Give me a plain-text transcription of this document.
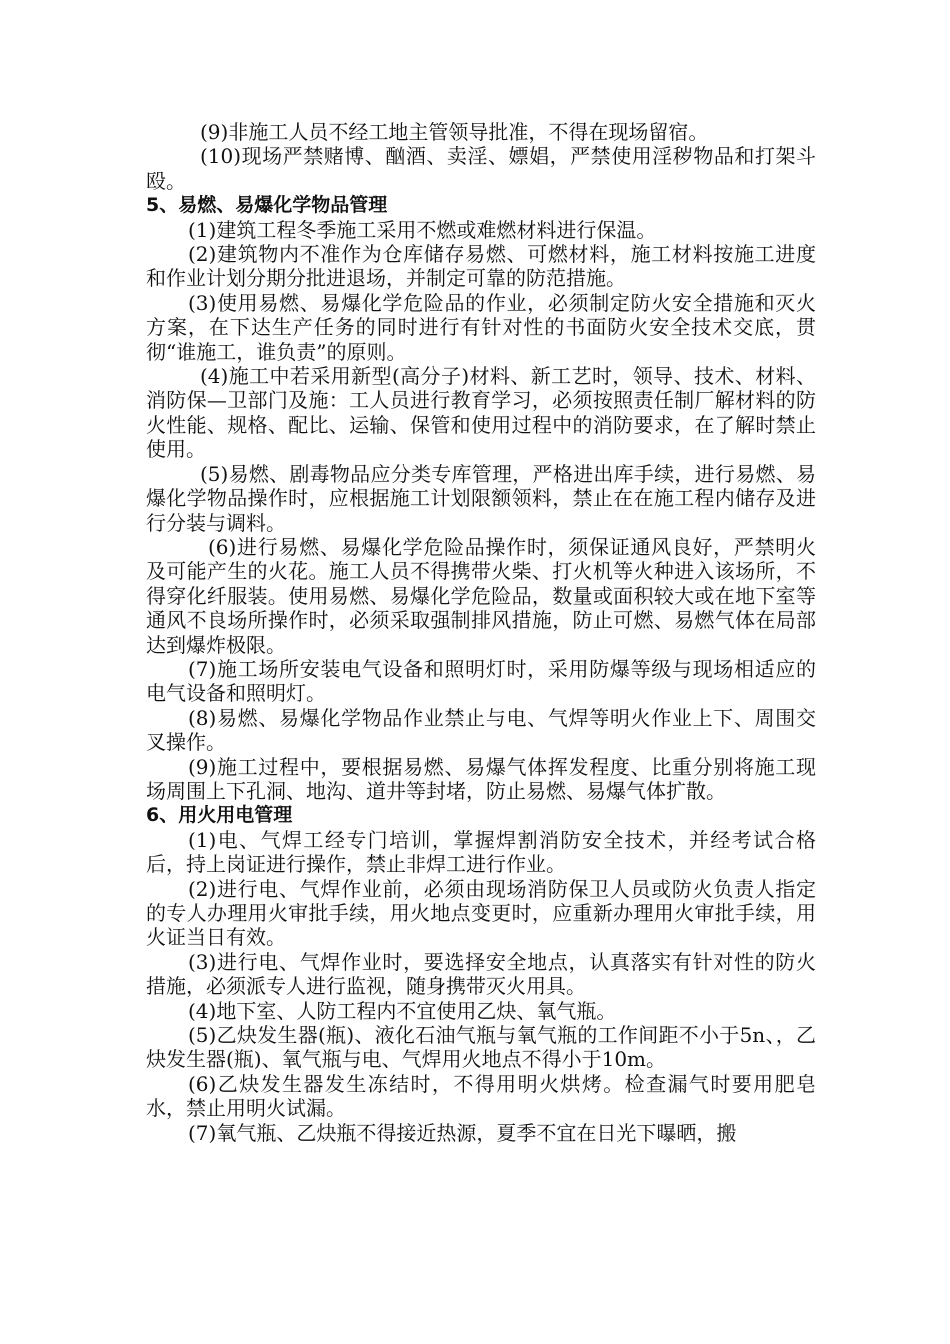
(9)非施工人员不经工地主管领导批准，不得在现场留宿。

(10)现场严禁赌博、酗酒、卖淫、嫖娼，严禁使用淫秽物品和打架斗殴。

5、易燃、易爆化学物品管理

(1)建筑工程冬季施工采用不燃或难燃材料进行保温。

(2)建筑物内不准作为仓库储存易燃、可燃材料，施工材料按施工进度和作业计划分期分批进退场，并制定可靠的防范措施。

(3)使用易燃、易爆化学危险品的作业，必须制定防火安全措施和灭火方案，在下达生产任务的同时进行有针对性的书面防火安全技术交底，贯彻“谁施工，谁负责”的原则。

(4)施工中若采用新型(高分子)材料、新工艺时，领导、技术、材料、消防保—卫部门及施：工人员进行教育学习，必须按照责任制厂解材料的防火性能、规格、配比、运输、保管和使用过程中的消防要求，在了解时禁止使用。

(5)易燃、剧毒物品应分类专库管理，严格进出库手续，进行易燃、易爆化学物品操作时，应根据施工计划限额领料，禁止在在施工程内储存及进行分装与调料。

(6)进行易燃、易爆化学危险品操作时，须保证通风良好，严禁明火及可能产生的火花。施工人员不得携带火柴、打火机等火种进入该场所，不得穿化纤服装。使用易燃、易爆化学危险品，数量或面积较大或在地下室等通风不良场所操作时，必须采取强制排风措施，防止可燃、易燃气体在局部达到爆炸极限。

(7)施工场所安装电气设备和照明灯时，采用防爆等级与现场相适应的电气设备和照明灯。

(8)易燃、易爆化学物品作业禁止与电、气焊等明火作业上下、周围交叉操作。

(9)施工过程中，要根据易燃、易爆气体挥发程度、比重分别将施工现场周围上下孔洞、地沟、道井等封堵，防止易燃、易爆气体扩散。

6、用火用电管理

(1)电、气焊工经专门培训，掌握焊割消防安全技术，并经考试合格后，持上岗证进行操作，禁止非焊工进行作业。

(2)进行电、气焊作业前，必须由现场消防保卫人员或防火负责人指定的专人办理用火审批手续，用火地点变更时，应重新办理用火审批手续，用火证当日有效。

(3)进行电、气焊作业时，要选择安全地点，认真落实有针对性的防火措施，必须派专人进行监视，随身携带灭火用具。

(4)地下室、人防工程内不宜使用乙炔、氧气瓶。

(5)乙炔发生器(瓶)、液化石油气瓶与氧气瓶的工作间距不小于5n、，乙炔发生器(瓶)、氧气瓶与电、气焊用火地点不得小于10m。

(6)乙炔发生器发生冻结时，不得用明火烘烤。检查漏气时要用肥皂水，禁止用明火试漏。

(7)氧气瓶、乙炔瓶不得接近热源，夏季不宜在日光下曝晒，搬
